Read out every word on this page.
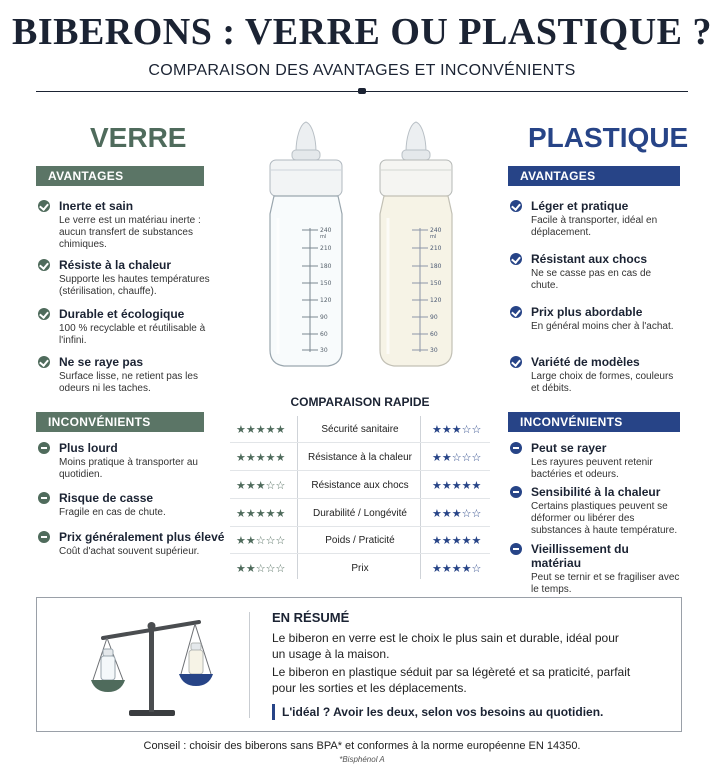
BIBERONS : VERRE OU PLASTIQUE ?
COMPARAISON DES AVANTAGES ET INCONVÉNIENTS
VERRE	PLASTIQUE
AVANTAGES
Inerte et sain
Le verre est un matériau inerte : aucun transfert de substances chimiques.
Résiste à la chaleur
Supporte les hautes températures (stérilisation, chauffe).
Durable et écologique
100 % recyclable et réutilisable à l'infini.
Ne se raye pas
Surface lisse, ne retient pas les odeurs ni les taches.
INCONVÉNIENTS
Plus lourd
Moins pratique à transporter au quotidien.
Risque de casse
Fragile en cas de chute.
Prix généralement plus élevé
Coût d'achat souvent supérieur.
AVANTAGES
Léger et pratique
Facile à transporter, idéal en déplacement.
Résistant aux chocs
Ne se casse pas en cas de chute.
Prix plus abordable
En général moins cher à l'achat.
Variété de modèles
Large choix de formes, couleurs et débits.
INCONVÉNIENTS
Peut se rayer
Les rayures peuvent retenir bactéries et odeurs.
Sensibilité à la chaleur
Certains plastiques peuvent se déformer ou libérer des substances à haute température.
Vieillissement du matériau
Peut se ternir et se fragiliser avec le temps.
240
210
180
150
120
90
60
30
ml
240
210
180
150
120
90
60
30
ml
COMPARAISON RAPIDE
★★★★★	Sécurité sanitaire	★★★☆☆
★★★★★	Résistance à la chaleur	★★☆☆☆
★★★☆☆	Résistance aux chocs	★★★★★
★★★★★	Durabilité / Longévité	★★★☆☆
★★☆☆☆	Poids / Praticité	★★★★★
★★☆☆☆	Prix	★★★★☆
EN RÉSUMÉ
Le biberon en verre est le choix le plus sain et durable, idéal pour un usage à la maison.
Le biberon en plastique séduit par sa légèreté et sa praticité, parfait pour les sorties et les déplacements.
L'idéal ? Avoir les deux, selon vos besoins au quotidien.
Conseil : choisir des biberons sans BPA* et conformes à la norme européenne EN 14350.
*Bisphénol A
